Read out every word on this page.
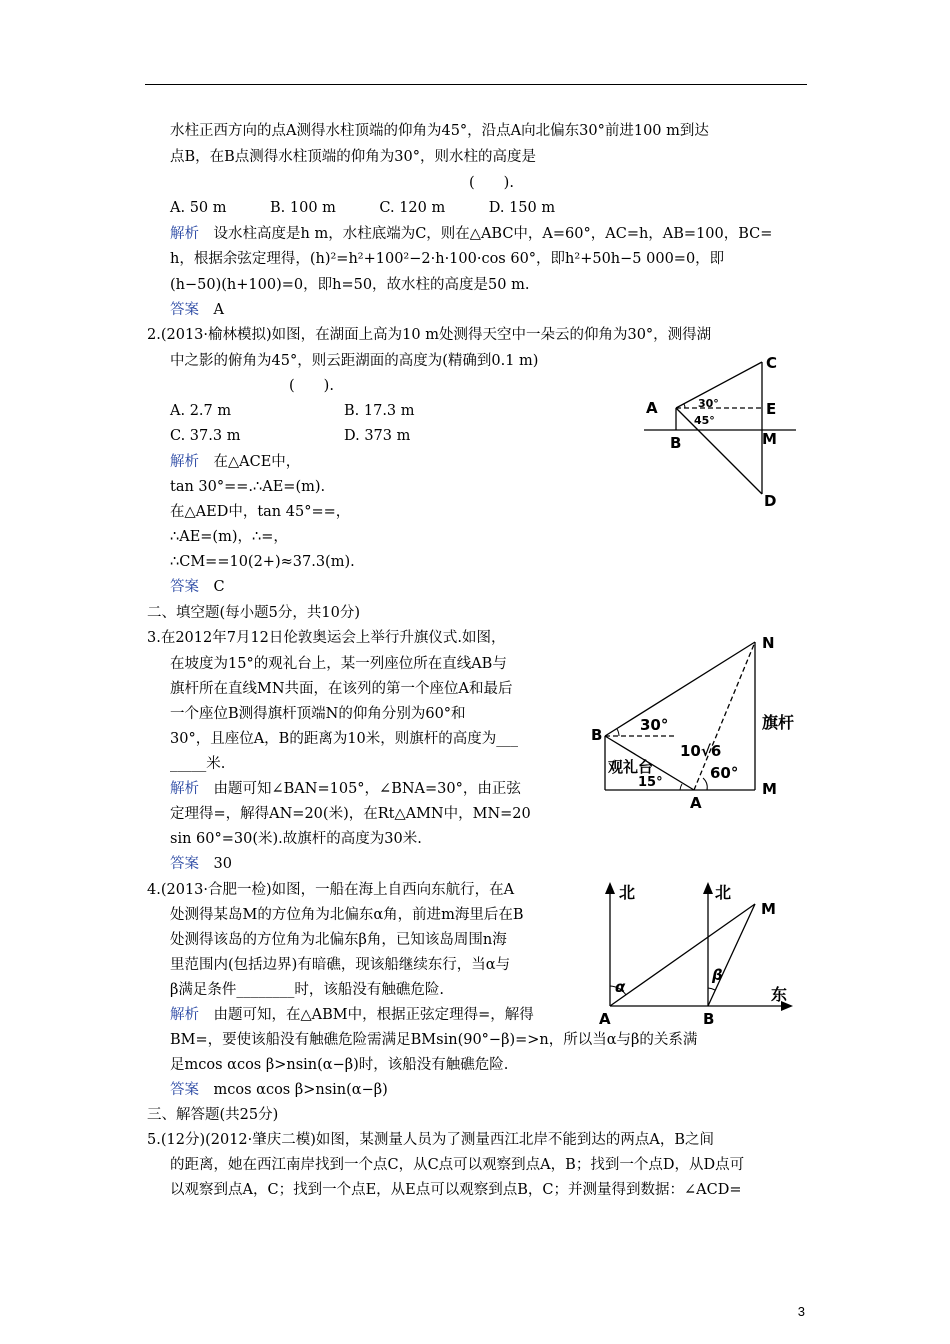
水柱正西方向的点A测得水柱顶端的仰角为45°，沿点A向北偏东30°前进100 m到达
点B，在B点测得水柱顶端的仰角为30°，则水柱的高度是
(　　).
A. 50 m　　　B. 100 m　　　C. 120 m　　　D. 150 m
解析　 设水柱高度是h m，水柱底端为C，则在△ABC中，A=60°，AC=h，AB=100，BC=
h，根据余弦定理得，(h)²=h²+100²−2·h·100·cos 60°，即h²+50h−5 000=0，即
(h−50)(h+100)=0，即h=50，故水柱的高度是50 m.
答案　 A
2.(2013·榆林模拟)如图，在湖面上高为10 m处测得天空中一朵云的仰角为30°，测得湖
中之影的俯角为45°，则云距湖面的高度为(精确到0.1 m)
(　　).
A. 2.7 m	B. 17.3 m
C. 37.3 m	D. 373 m
解析　 在△ACE中，
tan 30°==.∴AE=(m).
在△AED中，tan 45°==，
∴AE=(m)，∴=，
∴CM==10(2+)≈37.3(m).
答案　 C
C
E
M
D
A
B
30°
45°
二、填空题(每小题5分，共10分)
3.在2012年7月12日伦敦奥运会上举行升旗仪式.如图，
在坡度为15°的观礼台上，某一列座位所在直线AB与
旗杆所在直线MN共面，在该列的第一个座位A和最后
一个座位B测得旗杆顶端N的仰角分别为60°和
30°，且座位A，B的距离为10米，则旗杆的高度为___
_____米.
解析　 由题可知∠BAN=105°，∠BNA=30°，由正弦
定理得=，解得AN=20(米)，在Rt△AMN中，MN=20
sin 60°=30(米).故旗杆的高度为30米.
答案　 30
N
B
A
M
30°
10√6
观礼台
15°
60°
旗杆
4.(2013·合肥一检)如图，一船在海上自西向东航行，在A
处测得某岛M的方位角为北偏东α角，前进m海里后在B
处测得该岛的方位角为北偏东β角，已知该岛周围n海
里范围内(包括边界)有暗礁，现该船继续东行，当α与
β满足条件________时，该船没有触礁危险.
解析　 由题可知，在△ABM中，根据正弦定理得=，解得
BM=，要使该船没有触礁危险需满足BMsin(90°−β)=>n，所以当α与β的关系满
足mcos αcos β>nsin(α−β)时，该船没有触礁危险.
答案　 mcos αcos β>nsin(α−β)
北	北
M
α
β
A	B
东
三、解答题(共25分)
5.(12分)(2012·肇庆二模)如图，某测量人员为了测量西江北岸不能到达的两点A，B之间
的距离，她在西江南岸找到一个点C，从C点可以观察到点A，B；找到一个点D，从D点可
以观察到点A，C；找到一个点E，从E点可以观察到点B，C；并测量得到数据：∠ACD=
3
